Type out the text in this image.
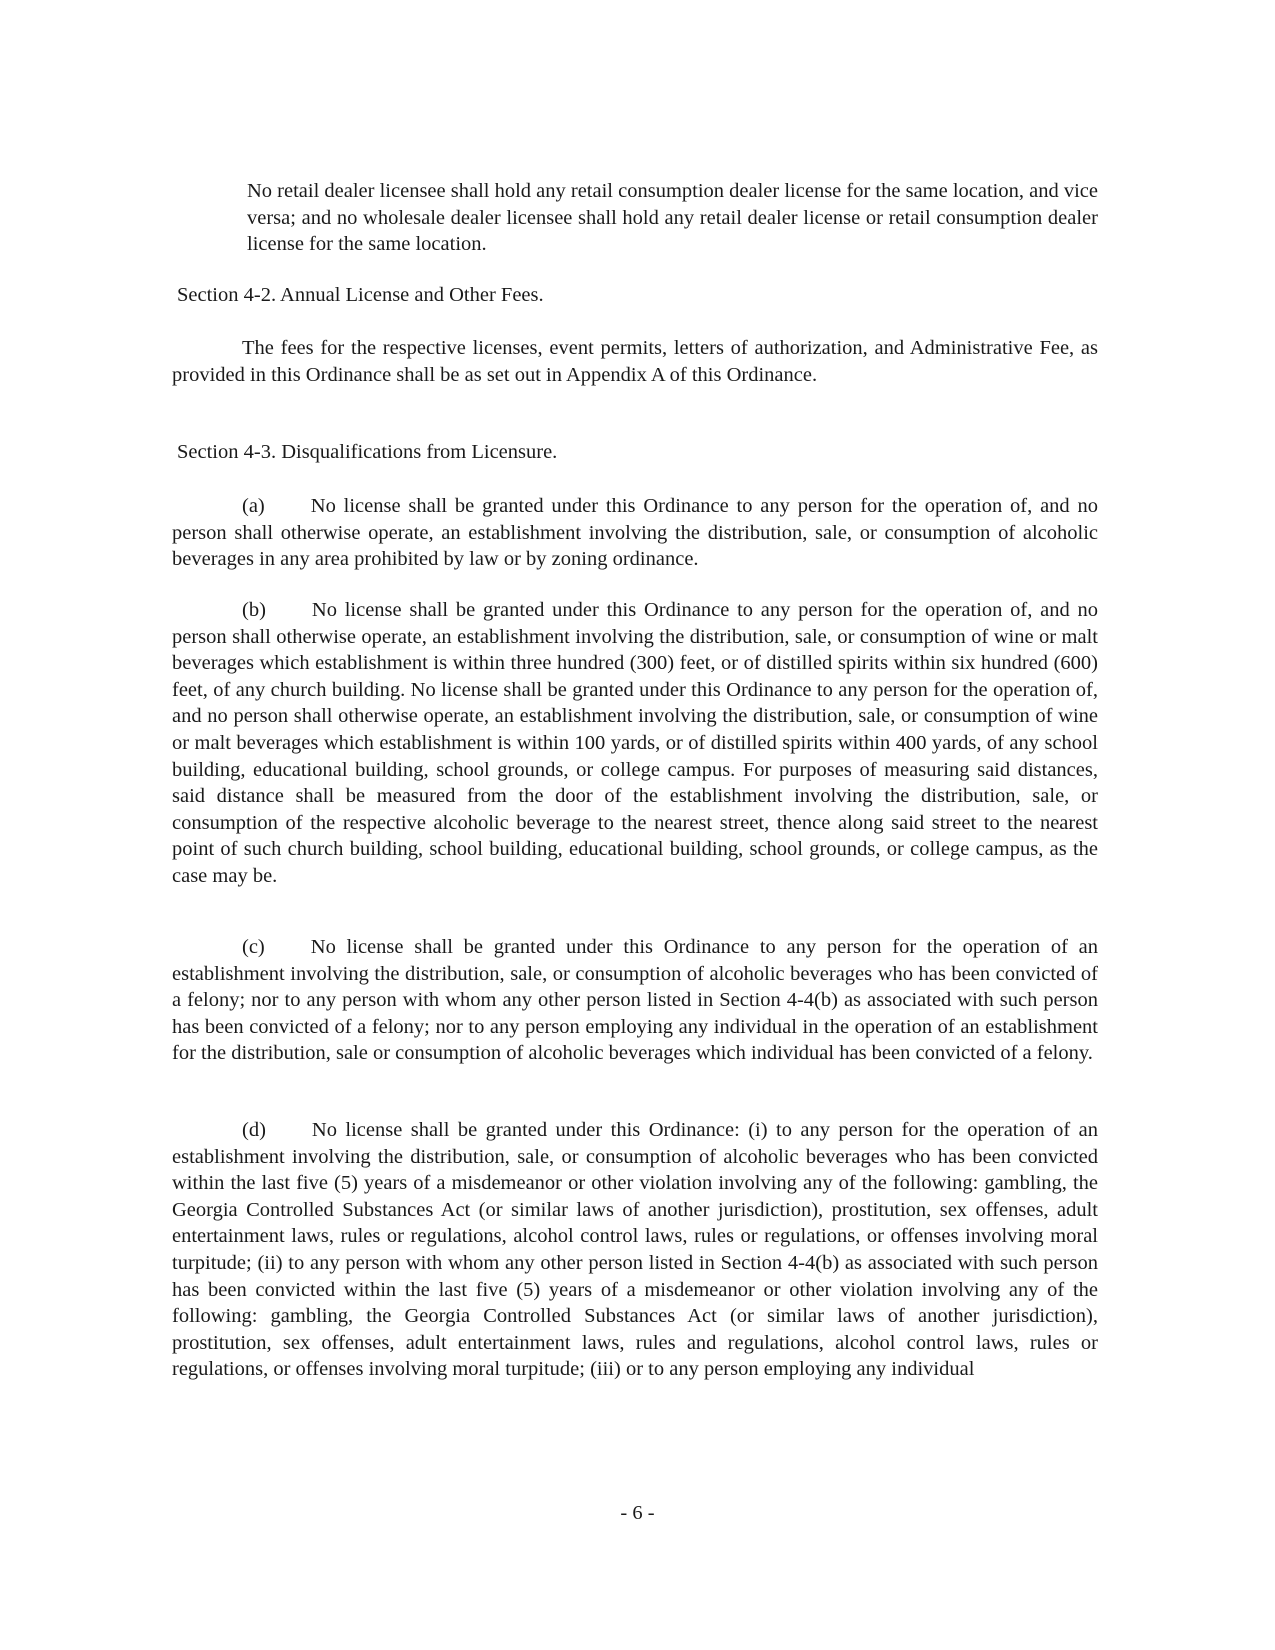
No retail dealer licensee shall hold any retail consumption dealer license for the same location, and vice versa; and no wholesale dealer licensee shall hold any retail dealer license or retail consumption dealer license for the same location.

Section 4-2. Annual License and Other Fees.

The fees for the respective licenses, event permits, letters of authorization, and Administrative Fee, as provided in this Ordinance shall be as set out in Appendix A of this Ordinance.

Section 4-3. Disqualifications from Licensure.

(a) No license shall be granted under this Ordinance to any person for the operation of, and no person shall otherwise operate, an establishment involving the distribution, sale, or consumption of alcoholic beverages in any area prohibited by law or by zoning ordinance.

(b) No license shall be granted under this Ordinance to any person for the operation of, and no person shall otherwise operate, an establishment involving the distribution, sale, or consumption of wine or malt beverages which establishment is within three hundred (300) feet, or of distilled spirits within six hundred (600) feet, of any church building. No license shall be granted under this Ordinance to any person for the operation of, and no person shall otherwise operate, an establishment involving the distribution, sale, or consumption of wine or malt beverages which establishment is within 100 yards, or of distilled spirits within 400 yards, of any school building, educational building, school grounds, or college campus. For purposes of measuring said distances, said distance shall be measured from the door of the establishment involving the distribution, sale, or consumption of the respective alcoholic beverage to the nearest street, thence along said street to the nearest point of such church building, school building, educational building, school grounds, or college campus, as the case may be.

(c) No license shall be granted under this Ordinance to any person for the operation of an establishment involving the distribution, sale, or consumption of alcoholic beverages who has been convicted of a felony; nor to any person with whom any other person listed in Section 4-4(b) as associated with such person has been convicted of a felony; nor to any person employing any individual in the operation of an establishment for the distribution, sale or consumption of alcoholic beverages which individual has been convicted of a felony.

(d) No license shall be granted under this Ordinance: (i) to any person for the operation of an establishment involving the distribution, sale, or consumption of alcoholic beverages who has been convicted within the last five (5) years of a misdemeanor or other violation involving any of the following: gambling, the Georgia Controlled Substances Act (or similar laws of another jurisdiction), prostitution, sex offenses, adult entertainment laws, rules or regulations, alcohol control laws, rules or regulations, or offenses involving moral turpitude; (ii) to any person with whom any other person listed in Section 4-4(b) as associated with such person has been convicted within the last five (5) years of a misdemeanor or other violation involving any of the following: gambling, the Georgia Controlled Substances Act (or similar laws of another jurisdiction), prostitution, sex offenses, adult entertainment laws, rules and regulations, alcohol control laws, rules or regulations, or offenses involving moral turpitude; (iii) or to any person employing any individual

- 6 -
